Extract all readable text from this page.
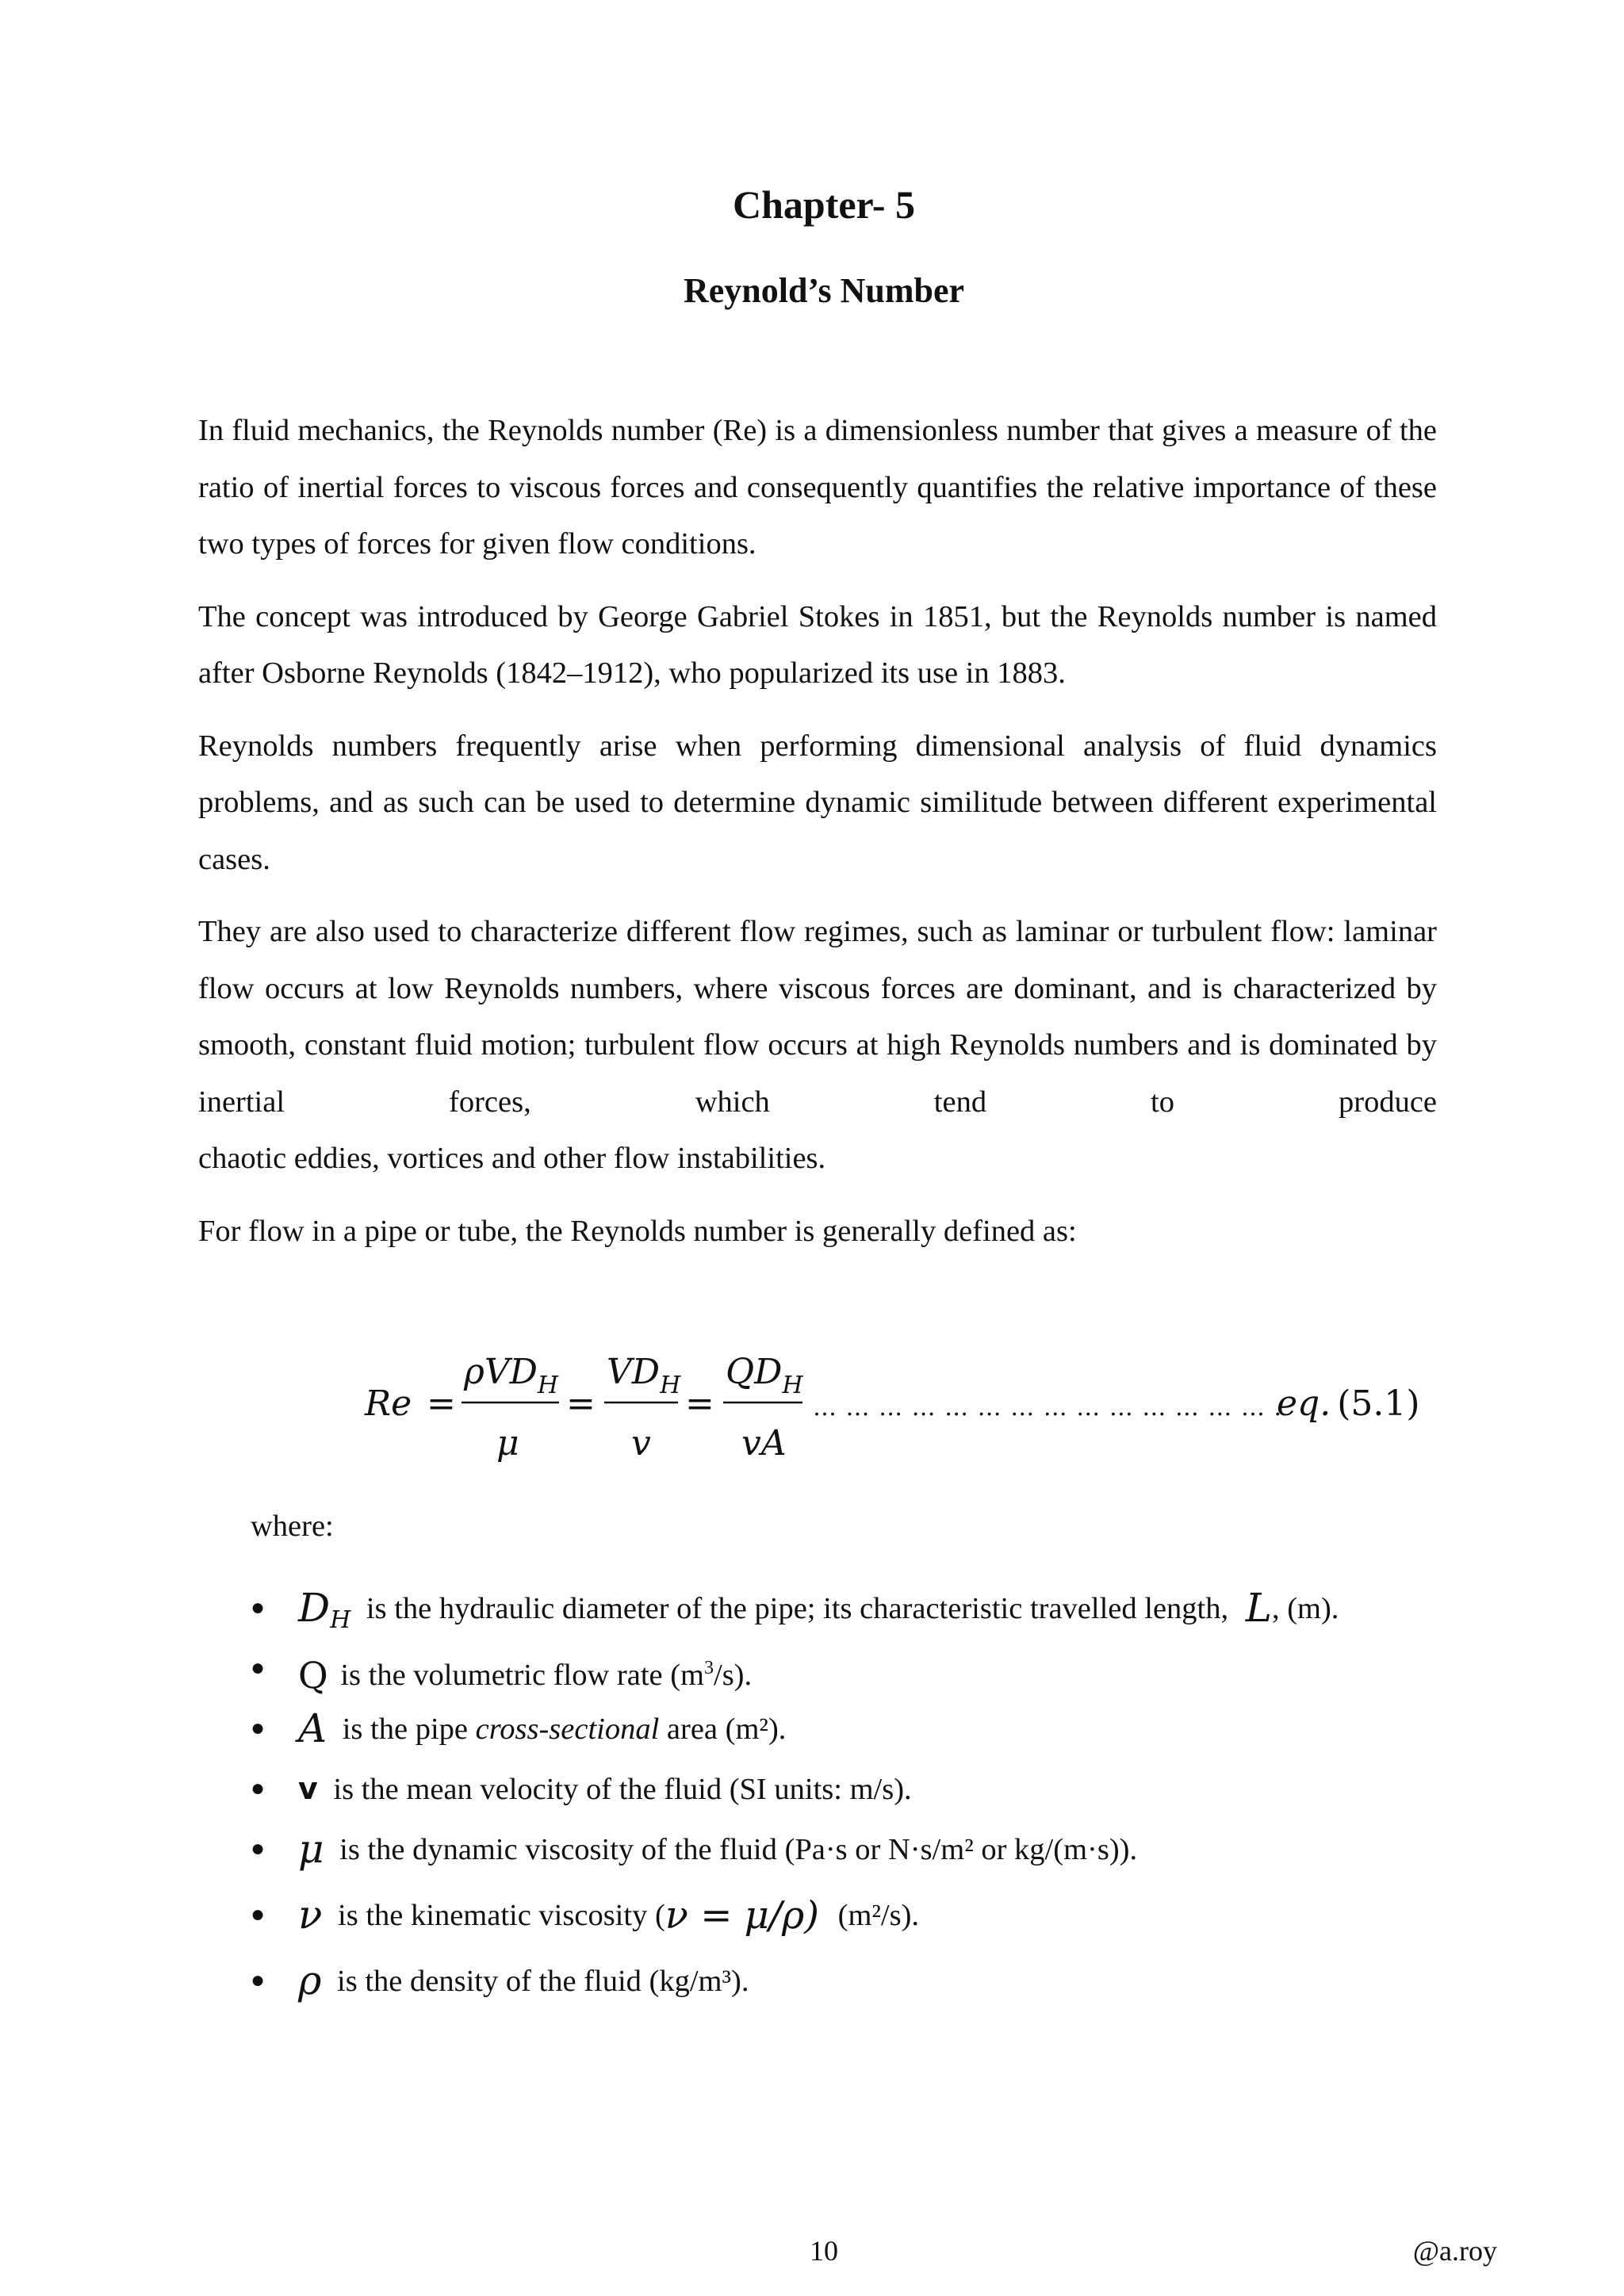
Chapter- 5
Reynold’s Number

In fluid mechanics, the Reynolds number (Re) is a dimensionless number that gives a measure of the ratio of inertial forces to viscous forces and consequently quantifies the relative importance of these two types of forces for given flow conditions.

The concept was introduced by George Gabriel Stokes in 1851, but the Reynolds number is named after Osborne Reynolds (1842–1912), who popularized its use in 1883.

Reynolds numbers frequently arise when performing dimensional analysis of fluid dynamics problems, and as such can be used to determine dynamic similitude between different experimental cases.

They are also used to characterize different flow regimes, such as laminar or turbulent flow: laminar flow occurs at low Reynolds numbers, where viscous forces are dominant, and is characterized by smooth, constant fluid motion; turbulent flow occurs at high Reynolds numbers and is dominated by inertial forces, which tend to produce

chaotic eddies, vortices and other flow instabilities.

For flow in a pipe or tube, the Reynolds number is generally defined as:

Re =
ρVD$_H$
μ
=
$VD_H$
v
=
$QD_H$
vA
… … … … … … … … … … … … … … .
eq. (5.1)
where:
● $D_H$ is the hydraulic diameter of the pipe; its characteristic travelled length, L, (m).
● Q is the volumetric flow rate $(m^3/s)$.
● A is the pipe cross-sectional area (m²).
● v is the mean velocity of the fluid (SI units: m/s).
● μ is the dynamic viscosity of the fluid (Pa·s or N·s/m² or kg/(m·s)).
● ν is the kinematic viscosity (ν = μ/ρ) (m²/s).
● ρ is the density of the fluid (kg/m³).
10	@a.roy
